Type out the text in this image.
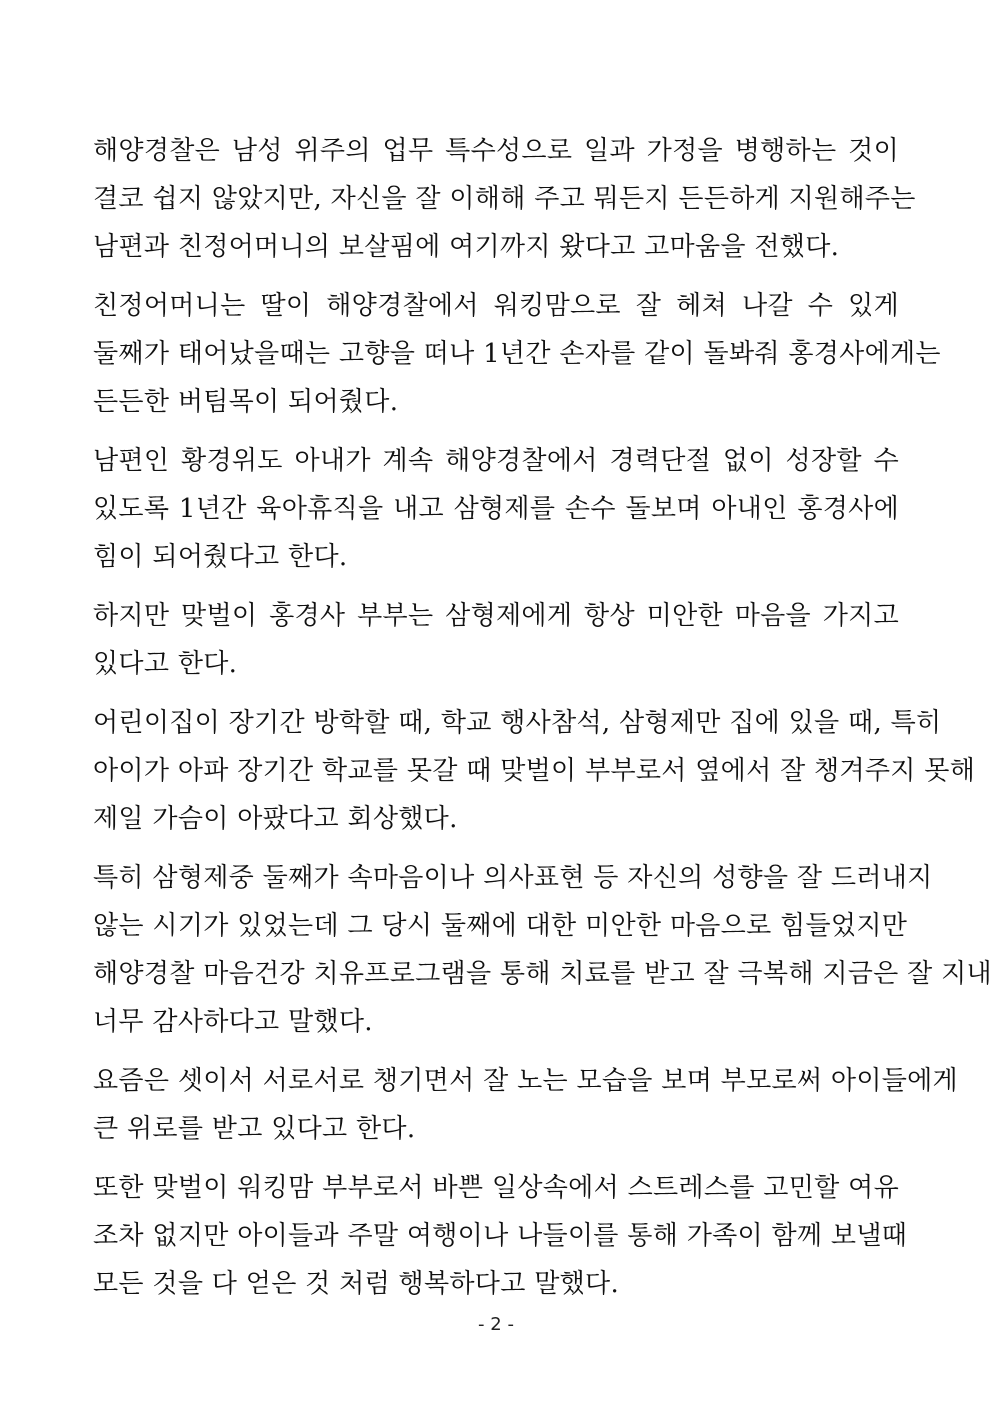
해양경찰은 남성 위주의 업무 특수성으로 일과 가정을 병행하는 것이
결코 쉽지 않았지만, 자신을 잘 이해해 주고 뭐든지 든든하게 지원해주는
남편과 친정어머니의 보살핌에 여기까지 왔다고 고마움을 전했다.
친정어머니는 딸이 해양경찰에서 워킹맘으로 잘 헤쳐 나갈 수 있게
둘째가 태어났을때는 고향을 떠나 1년간 손자를 같이 돌봐줘 홍경사에게는
든든한 버팀목이 되어줬다.
남편인 황경위도 아내가 계속 해양경찰에서 경력단절 없이 성장할 수
있도록 1년간 육아휴직을 내고 삼형제를 손수 돌보며 아내인 홍경사에
힘이 되어줬다고 한다.
하지만 맞벌이 홍경사 부부는 삼형제에게 항상 미안한 마음을 가지고
있다고 한다.
어린이집이 장기간 방학할 때, 학교 행사참석, 삼형제만 집에 있을 때, 특히
아이가 아파 장기간 학교를 못갈 때 맞벌이 부부로서 옆에서 잘 챙겨주지 못해
제일 가슴이 아팠다고 회상했다.
특히 삼형제중 둘째가 속마음이나 의사표현 등 자신의 성향을 잘 드러내지
않는 시기가 있었는데 그 당시 둘째에 대한 미안한 마음으로 힘들었지만
해양경찰 마음건강 치유프로그램을 통해 치료를 받고 잘 극복해 지금은 잘 지내
너무 감사하다고 말했다.
요즘은 셋이서 서로서로 챙기면서 잘 노는 모습을 보며 부모로써 아이들에게
큰 위로를 받고 있다고 한다.
또한 맞벌이 워킹맘 부부로서 바쁜 일상속에서 스트레스를 고민할 여유
조차 없지만 아이들과 주말 여행이나 나들이를 통해 가족이 함께 보낼때
모든 것을 다 얻은 것 처럼 행복하다고 말했다.
- 2 -
